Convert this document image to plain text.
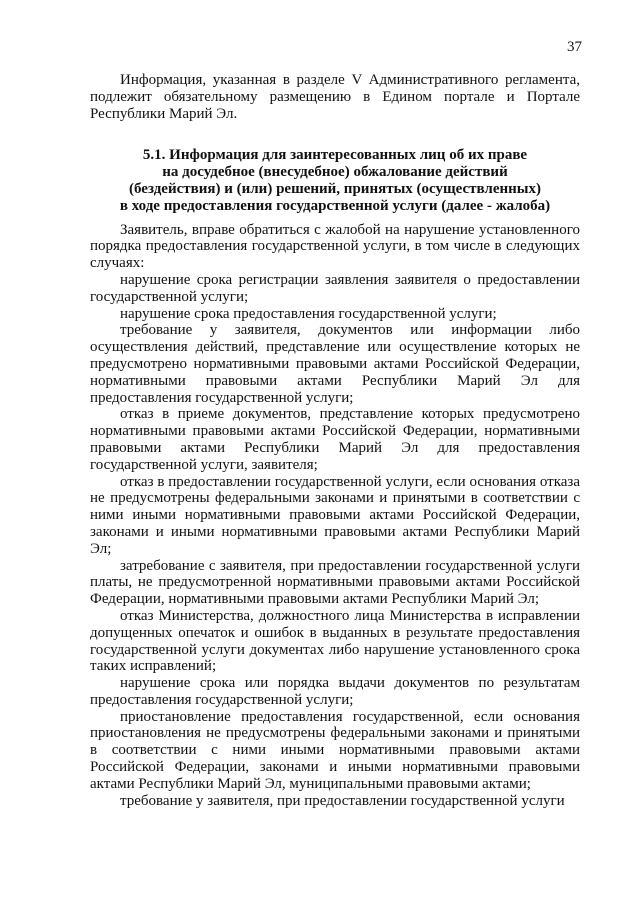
37

Информация, указанная в разделе V Административного регламента, подлежит обязательному размещению в Едином портале и Портале Республики Марий Эл.

5.1. Информация для заинтересованных лиц об их праве
на досудебное (внесудебное) обжалование действий
(бездействия) и (или) решений, принятых (осуществленных)
в ходе предоставления государственной услуги (далее - жалоба)

Заявитель, вправе обратиться с жалобой на нарушение установленного порядка предоставления государственной услуги, в том числе в следующих случаях:

нарушение срока регистрации заявления заявителя о предоставлении государственной услуги;

нарушение срока предоставления государственной услуги;

требование у заявителя, документов или информации либо осуществления действий, представление или осуществление которых не предусмотрено нормативными правовыми актами Российской Федерации, нормативными правовыми актами Республики Марий Эл для предоставления государственной услуги;

отказ в приеме документов, представление которых предусмотрено нормативными правовыми актами Российской Федерации, нормативными правовыми актами Республики Марий Эл для предоставления государственной услуги, заявителя;

отказ в предоставлении государственной услуги, если основания отказа не предусмотрены федеральными законами и принятыми в соответствии с ними иными нормативными правовыми актами Российской Федерации, законами и иными нормативными правовыми актами Республики Марий Эл;

затребование с заявителя, при предоставлении государственной услуги платы, не предусмотренной нормативными правовыми актами Российской Федерации, нормативными правовыми актами Республики Марий Эл;

отказ Министерства, должностного лица Министерства в исправлении допущенных опечаток и ошибок в выданных в результате предоставления государственной услуги документах либо нарушение установленного срока таких исправлений;

нарушение срока или порядка выдачи документов по результатам предоставления государственной услуги;

приостановление предоставления государственной, если основания приостановления не предусмотрены федеральными законами и принятыми в соответствии с ними иными нормативными правовыми актами Российской Федерации, законами и иными нормативными правовыми актами Республики Марий Эл, муниципальными правовыми актами;

требование у заявителя, при предоставлении государственной услуги
